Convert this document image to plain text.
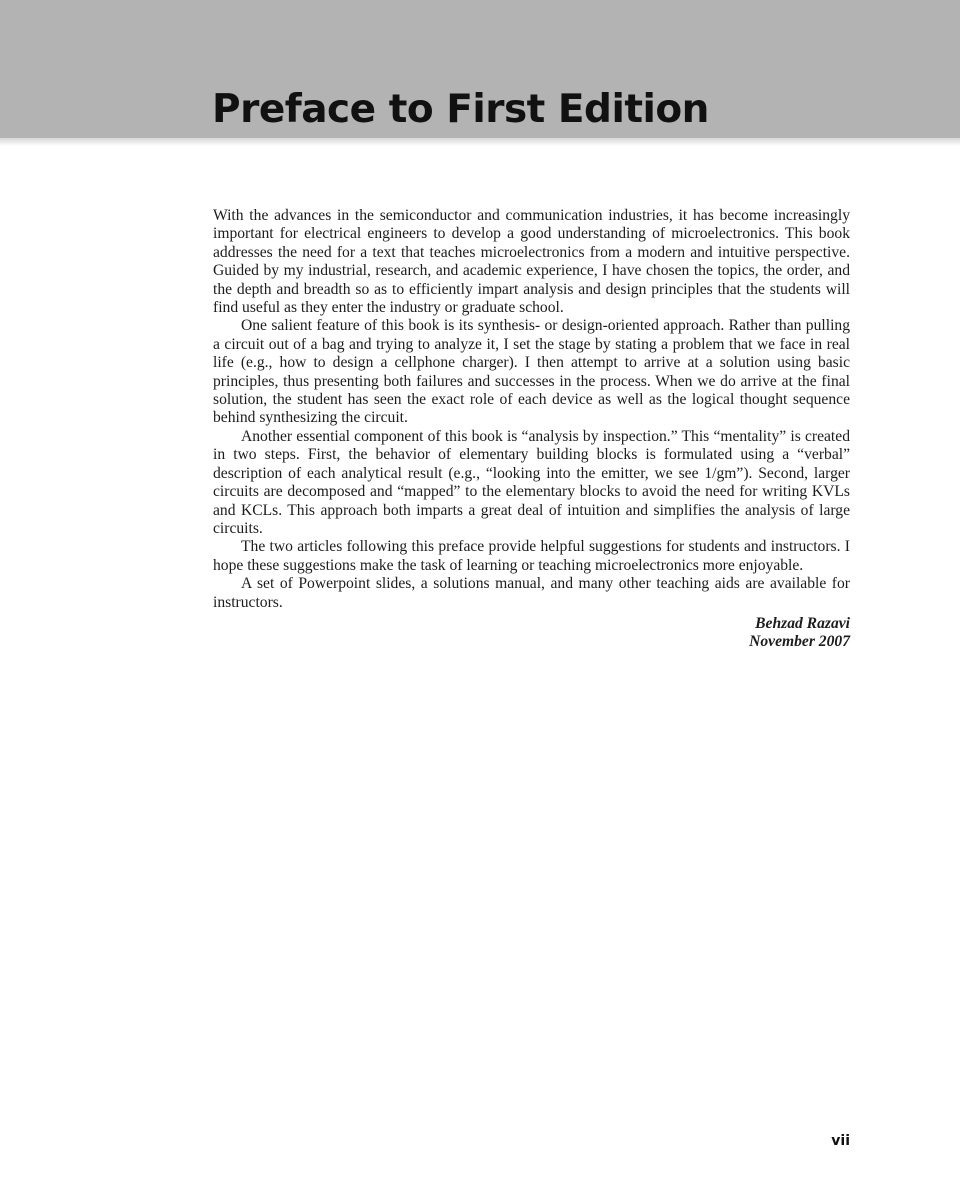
Preface to First Edition

With the advances in the semiconductor and communication industries, it has become increasingly important for electrical engineers to develop a good understanding of microelectronics. This book addresses the need for a text that teaches microelectronics from a modern and intuitive perspective. Guided by my industrial, research, and academic experience, I have chosen the topics, the order, and the depth and breadth so as to efficiently impart analysis and design principles that the students will find useful as they enter the industry or graduate school.

One salient feature of this book is its synthesis- or design-oriented approach. Rather than pulling a circuit out of a bag and trying to analyze it, I set the stage by stating a problem that we face in real life (e.g., how to design a cellphone charger). I then attempt to arrive at a solution using basic principles, thus presenting both failures and successes in the process. When we do arrive at the final solution, the student has seen the exact role of each device as well as the logical thought sequence behind synthesizing the circuit.

Another essential component of this book is “analysis by inspection.” This “mentality” is created in two steps. First, the behavior of elementary building blocks is formulated using a “verbal” description of each analytical result (e.g., “looking into the emitter, we see 1/gm”). Second, larger circuits are decomposed and “mapped” to the elementary blocks to avoid the need for writing KVLs and KCLs. This approach both imparts a great deal of intuition and simplifies the analysis of large circuits.

The two articles following this preface provide helpful suggestions for students and instructors. I hope these suggestions make the task of learning or teaching microelectronics more enjoyable.

A set of Powerpoint slides, a solutions manual, and many other teaching aids are available for instructors.

Behzad Razavi
November 2007
vii
